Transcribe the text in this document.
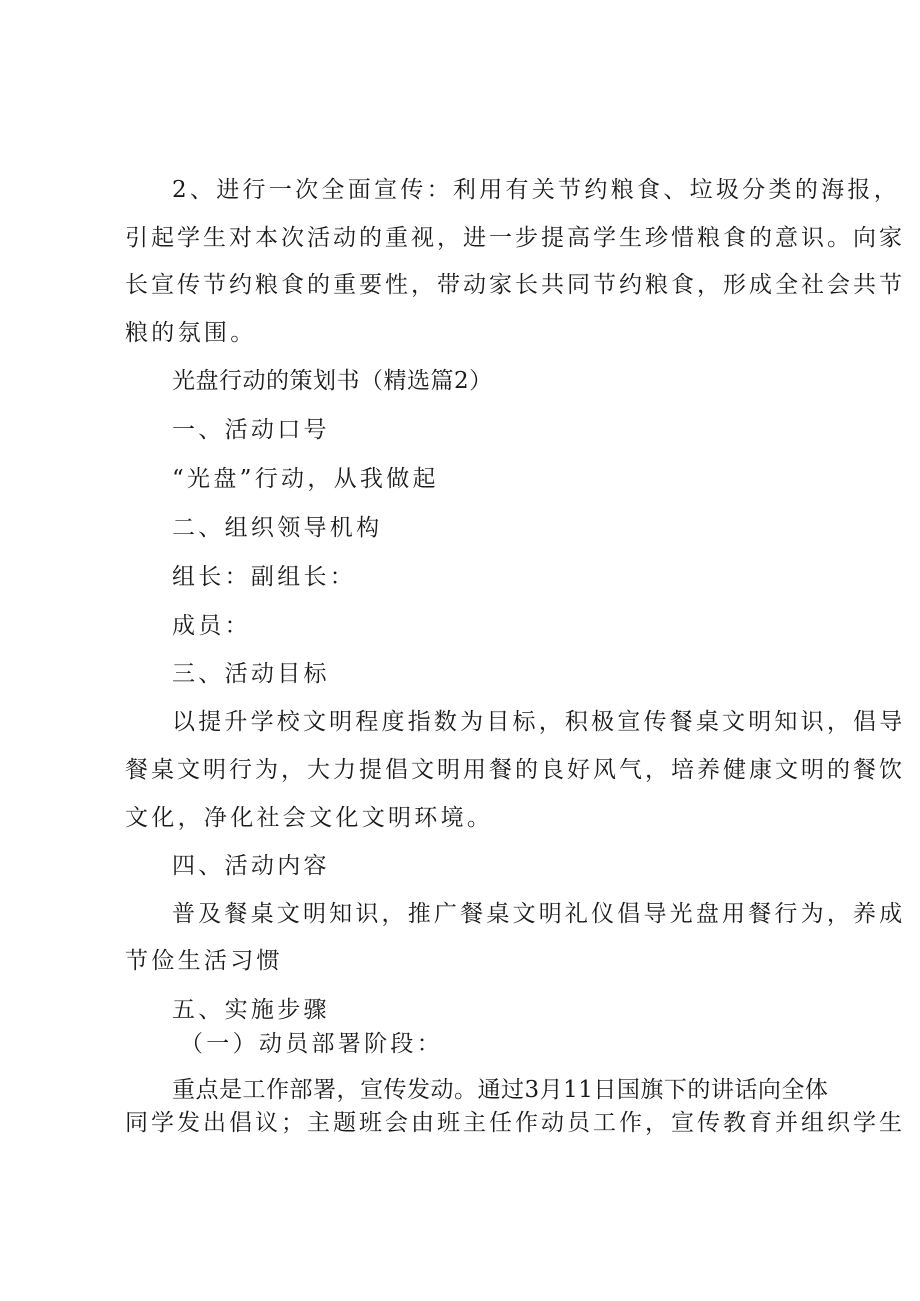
2、进行一次全面宣传：利用有关节约粮食、垃圾分类的海报，

引起学生对本次活动的重视，进一步提高学生珍惜粮食的意识。向家

长宣传节约粮食的重要性，带动家长共同节约粮食，形成全社会共节

粮的氛围。

光盘行动的策划书（精选篇2）

一、活动口号

“光盘”行动，从我做起

二、组织领导机构

组长：副组长：

成员：

三、活动目标

以提升学校文明程度指数为目标，积极宣传餐桌文明知识，倡导

餐桌文明行为，大力提倡文明用餐的良好风气，培养健康文明的餐饮

文化，净化社会文化文明环境。

四、活动内容

普及餐桌文明知识，推广餐桌文明礼仪倡导光盘用餐行为，养成

节俭生活习惯

五、实施步骤

（一）动员部署阶段：

重点是工作部署，宣传发动。通过3月11日国旗下的讲话向全体

同学发出倡议；主题班会由班主任作动员工作，宣传教育并组织学生
